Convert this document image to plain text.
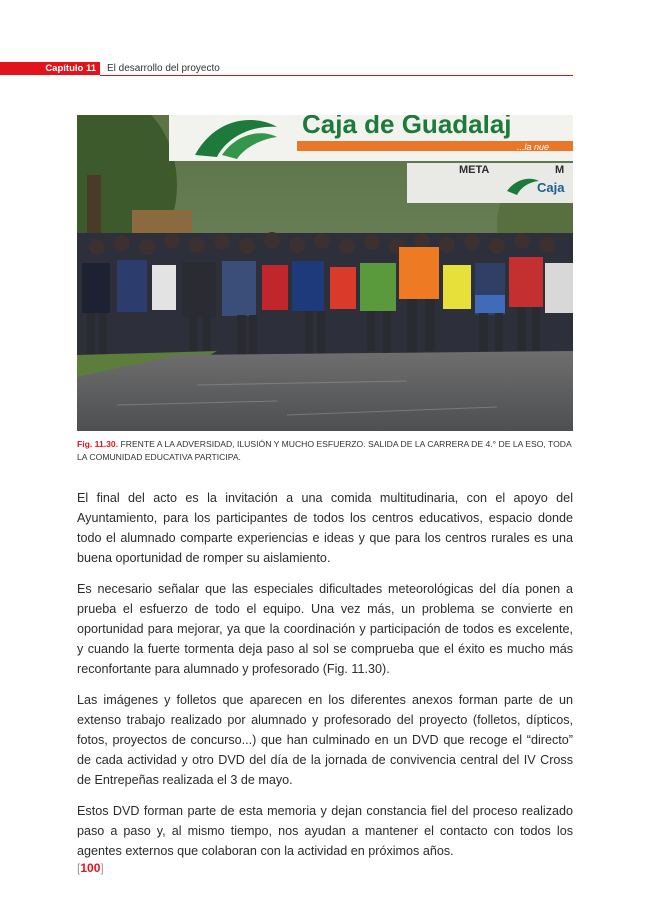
Capítulo 11	El desarrollo del proyecto
Caja de Guadalaj
...la nue
META	M
Caja
Fig. 11.30. FRENTE A LA ADVERSIDAD, ILUSIÓN Y MUCHO ESFUERZO. SALIDA DE LA CARRERA DE 4.° DE LA ESO, TODA LA COMUNIDAD EDUCATIVA PARTICIPA.

El final del acto es la invitación a una comida multitudinaria, con el apoyo del Ayuntamiento, para los participantes de todos los centros educativos, espacio donde todo el alumnado comparte experiencias e ideas y que para los centros rurales es una buena oportunidad de romper su aislamiento.

Es necesario señalar que las especiales dificultades meteorológicas del día ponen a prueba el esfuerzo de todo el equipo. Una vez más, un problema se convierte en oportunidad para mejorar, ya que la coordinación y participación de todos es excelente, y cuando la fuerte tormenta deja paso al sol se comprueba que el éxito es mucho más reconfortante para alumnado y profesorado (Fig. 11.30).

Las imágenes y folletos que aparecen en los diferentes anexos forman parte de un extenso trabajo realizado por alumnado y profesorado del proyecto (folletos, dípticos, fotos, proyectos de concurso...) que han culminado en un DVD que recoge el “directo” de cada actividad y otro DVD del día de la jornada de convivencia central del IV Cross de Entrepeñas realizada el 3 de mayo.

Estos DVD forman parte de esta memoria y dejan constancia fiel del proceso realizado paso a paso y, al mismo tiempo, nos ayudan a mantener el contacto con todos los agentes externos que colaboran con la actividad en próximos años.

[100]
